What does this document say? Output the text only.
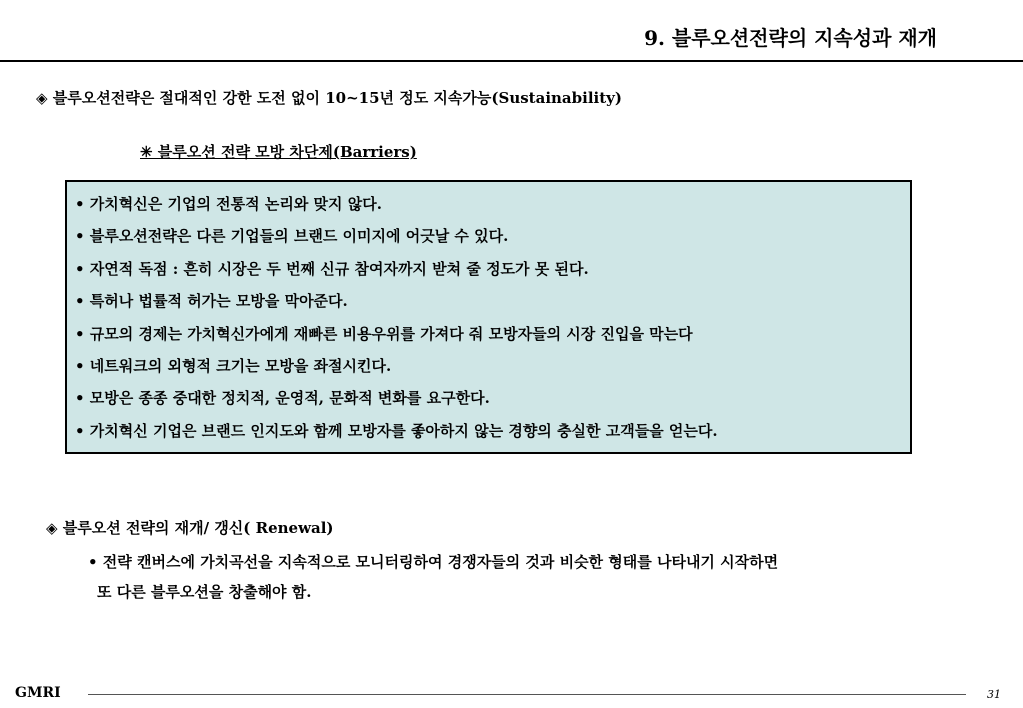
9. 블루오션전략의 지속성과 재개
◈ 블루오션전략은 절대적인 강한 도전 없이 10~15년 정도 지속가능(Sustainability)
✳ 블루오션 전략 모방 차단제(Barriers)
• 가치혁신은 기업의 전통적 논리와 맞지 않다.
• 블루오션전략은 다른 기업들의 브랜드 이미지에 어긋날 수 있다.
• 자연적 독점 : 흔히 시장은 두 번째 신규 참여자까지 받쳐 줄 정도가 못 된다.
• 특허나 법률적 허가는 모방을 막아준다.
• 규모의 경제는 가치혁신가에게 재빠른 비용우위를 가져다 줘 모방자들의 시장 진입을 막는다
• 네트워크의 외형적 크기는 모방을 좌절시킨다.
• 모방은 종종 중대한 정치적, 운영적, 문화적 변화를 요구한다.
• 가치혁신 기업은 브랜드 인지도와 함께 모방자를 좋아하지 않는 경향의 충실한 고객들을 얻는다.
◈ 블루오션 전략의 재개/ 갱신( Renewal)
• 전략 캔버스에 가치곡선을 지속적으로 모니터링하여 경쟁자들의 것과 비슷한 형태를 나타내기 시작하면
또 다른 블루오션을 창출해야 함.
GMRI	31
